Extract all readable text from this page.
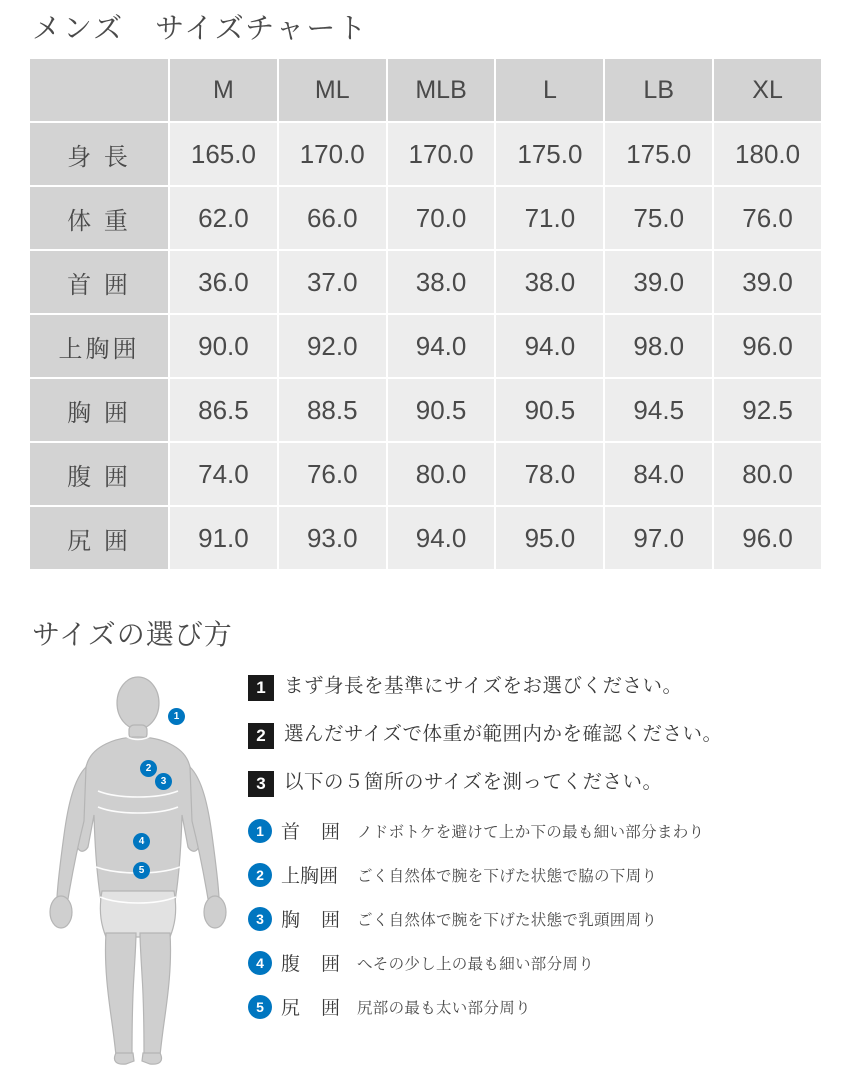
メンズ　サイズチャート
	M	ML	MLB	L	LB	XL
身 長	165.0	170.0	170.0	175.0	175.0	180.0
体 重	62.0	66.0	70.0	71.0	75.0	76.0
首 囲	36.0	37.0	38.0	38.0	39.0	39.0
上胸囲	90.0	92.0	94.0	94.0	98.0	96.0
胸 囲	86.5	88.5	90.5	90.5	94.5	92.5
腹 囲	74.0	76.0	80.0	78.0	84.0	80.0
尻 囲	91.0	93.0	94.0	95.0	97.0	96.0
サイズの選び方
1
2
3
4
5
1 まず身長を基準にサイズをお選びください。
2 選んだサイズで体重が範囲内かを確認ください。
3 以下の５箇所のサイズを測ってください。
1 首　囲	ノドボトケを避けて上か下の最も細い部分まわり
2 上胸囲	ごく自然体で腕を下げた状態で脇の下周り
3 胸　囲	ごく自然体で腕を下げた状態で乳頭囲周り
4 腹　囲	へその少し上の最も細い部分周り
5 尻　囲	尻部の最も太い部分周り
